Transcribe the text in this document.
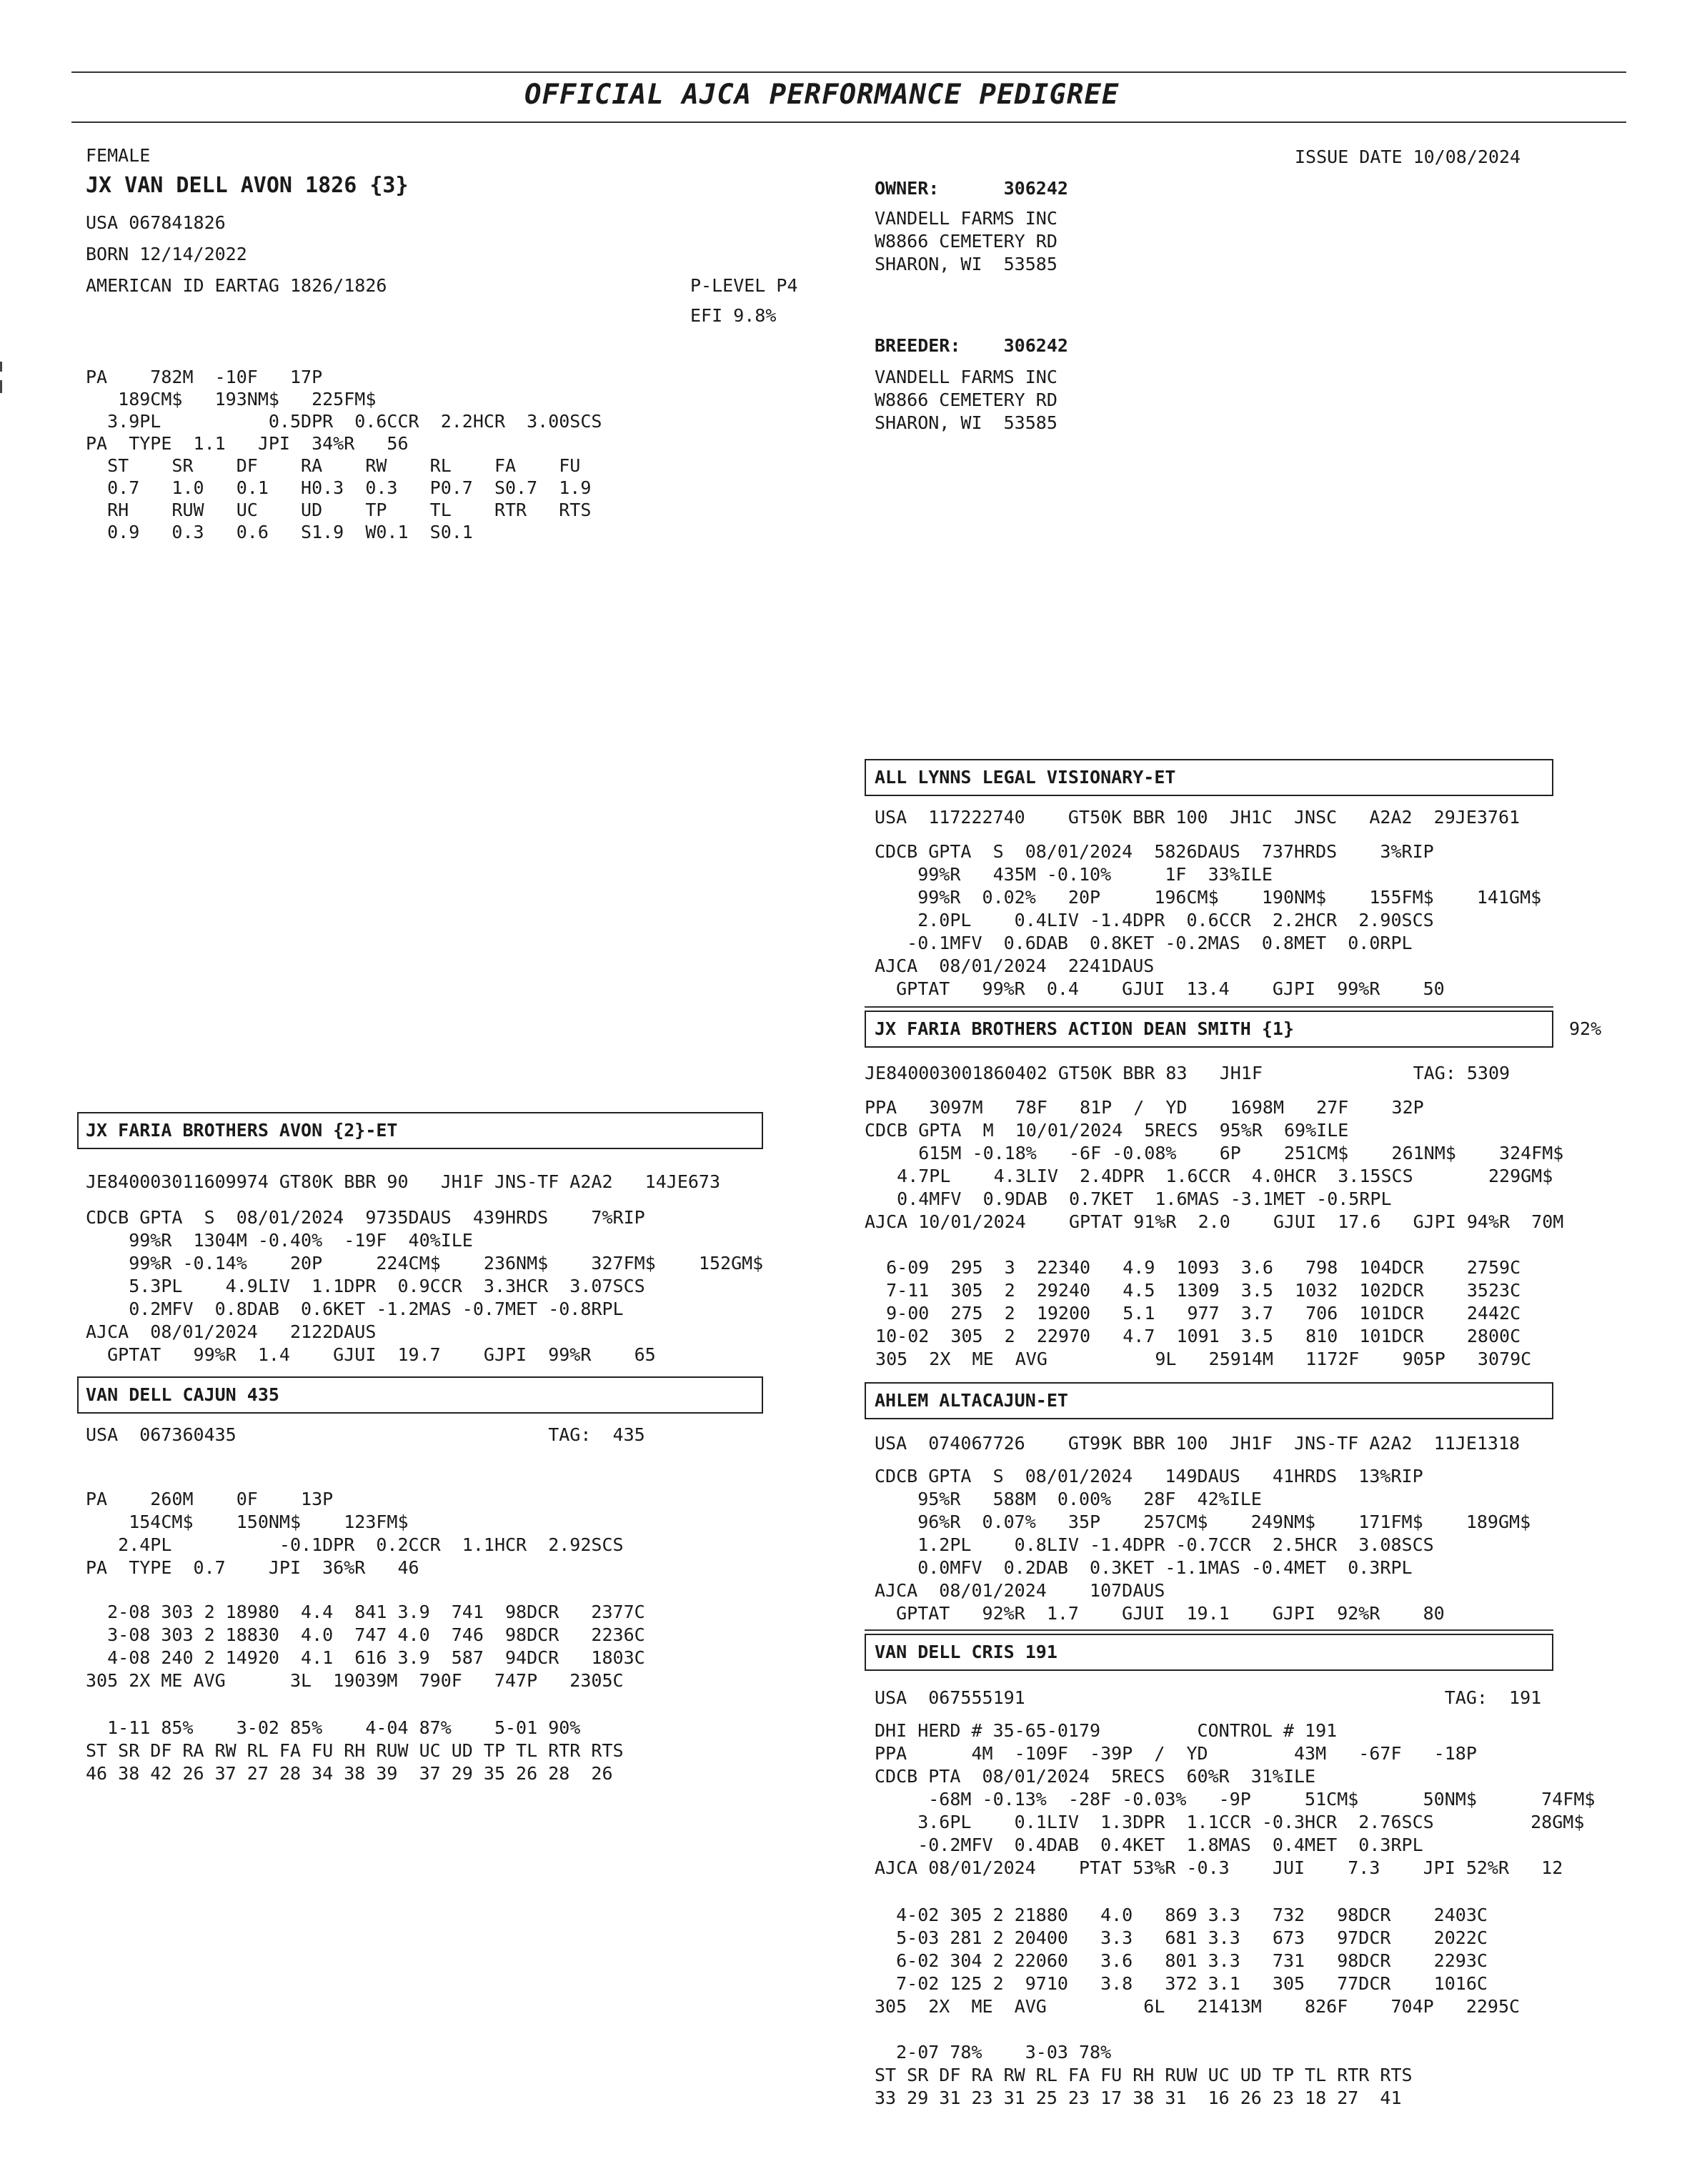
OFFICIAL AJCA PERFORMANCE PEDIGREE
FEMALE	ISSUE DATE 10/08/2024
JX VAN DELL AVON 1826 {3}
USA 067841826
BORN 12/14/2022
AMERICAN ID EARTAG 1826/1826	P-LEVEL P4
EFI 9.8%
OWNER:      306242
VANDELL FARMS INC
W8866 CEMETERY RD
SHARON, WI  53585
BREEDER:    306242
VANDELL FARMS INC
W8866 CEMETERY RD
SHARON, WI  53585
PA    782M  -10F   17P
189CM$   193NM$   225FM$
3.9PL          0.5DPR  0.6CCR  2.2HCR  3.00SCS
PA  TYPE  1.1   JPI  34%R   56
ST    SR    DF    RA    RW    RL    FA    FU
0.7   1.0   0.1   H0.3  0.3   P0.7  S0.7  1.9
RH    RUW   UC    UD    TP    TL    RTR   RTS
0.9   0.3   0.6   S1.9  W0.1  S0.1
ALL LYNNS LEGAL VISIONARY-ET
USA  117222740    GT50K BBR 100  JH1C  JNSC   A2A2  29JE3761
CDCB GPTA  S  08/01/2024  5826DAUS  737HRDS    3%RIP
99%R   435M -0.10%     1F  33%ILE
99%R  0.02%   20P     196CM$    190NM$    155FM$    141GM$
2.0PL    0.4LIV -1.4DPR  0.6CCR  2.2HCR  2.90SCS
-0.1MFV  0.6DAB  0.8KET -0.2MAS  0.8MET  0.0RPL
AJCA  08/01/2024  2241DAUS
GPTAT   99%R  0.4    GJUI  13.4    GJPI  99%R    50
JX FARIA BROTHERS ACTION DEAN SMITH {1}	92%
JE840003001860402 GT50K BBR 83   JH1F              TAG: 5309
PPA   3097M   78F   81P  /  YD    1698M   27F    32P
CDCB GPTA  M  10/01/2024  5RECS  95%R  69%ILE
615M -0.18%   -6F -0.08%    6P    251CM$    261NM$    324FM$
4.7PL    4.3LIV  2.4DPR  1.6CCR  4.0HCR  3.15SCS       229GM$
0.4MFV  0.9DAB  0.7KET  1.6MAS -3.1MET -0.5RPL
AJCA 10/01/2024    GPTAT 91%R  2.0    GJUI  17.6   GJPI 94%R  70M
6-09  295  3  22340   4.9  1093  3.6   798  104DCR    2759C
7-11  305  2  29240   4.5  1309  3.5  1032  102DCR    3523C
9-00  275  2  19200   5.1   977  3.7   706  101DCR    2442C
10-02  305  2  22970   4.7  1091  3.5   810  101DCR    2800C
305  2X  ME  AVG          9L   25914M   1172F    905P   3079C
JX FARIA BROTHERS AVON {2}-ET
JE840003011609974 GT80K BBR 90   JH1F JNS-TF A2A2   14JE673
CDCB GPTA  S  08/01/2024  9735DAUS  439HRDS    7%RIP
99%R  1304M -0.40%  -19F  40%ILE
99%R -0.14%    20P     224CM$    236NM$    327FM$    152GM$
5.3PL    4.9LIV  1.1DPR  0.9CCR  3.3HCR  3.07SCS
0.2MFV  0.8DAB  0.6KET -1.2MAS -0.7MET -0.8RPL
AJCA  08/01/2024   2122DAUS
GPTAT   99%R  1.4    GJUI  19.7    GJPI  99%R    65
VAN DELL CAJUN 435
USA  067360435                             TAG:  435
PA    260M    0F    13P
154CM$    150NM$    123FM$
2.4PL          -0.1DPR  0.2CCR  1.1HCR  2.92SCS
PA  TYPE  0.7    JPI  36%R   46
2-08 303 2 18980  4.4  841 3.9  741  98DCR   2377C
3-08 303 2 18830  4.0  747 4.0  746  98DCR   2236C
4-08 240 2 14920  4.1  616 3.9  587  94DCR   1803C
305 2X ME AVG      3L  19039M  790F   747P   2305C
1-11 85%    3-02 85%    4-04 87%    5-01 90%
ST SR DF RA RW RL FA FU RH RUW UC UD TP TL RTR RTS
46 38 42 26 37 27 28 34 38 39  37 29 35 26 28  26
AHLEM ALTACAJUN-ET
USA  074067726    GT99K BBR 100  JH1F  JNS-TF A2A2  11JE1318
CDCB GPTA  S  08/01/2024   149DAUS   41HRDS  13%RIP
95%R   588M  0.00%   28F  42%ILE
96%R  0.07%   35P    257CM$    249NM$    171FM$    189GM$
1.2PL    0.8LIV -1.4DPR -0.7CCR  2.5HCR  3.08SCS
0.0MFV  0.2DAB  0.3KET -1.1MAS -0.4MET  0.3RPL
AJCA  08/01/2024    107DAUS
GPTAT   92%R  1.7    GJUI  19.1    GJPI  92%R    80
VAN DELL CRIS 191
USA  067555191                                       TAG:  191
DHI HERD # 35-65-0179         CONTROL # 191
PPA      4M  -109F  -39P  /  YD        43M   -67F   -18P
CDCB PTA  08/01/2024  5RECS  60%R  31%ILE
-68M -0.13%  -28F -0.03%   -9P     51CM$      50NM$      74FM$
3.6PL    0.1LIV  1.3DPR  1.1CCR -0.3HCR  2.76SCS         28GM$
-0.2MFV  0.4DAB  0.4KET  1.8MAS  0.4MET  0.3RPL
AJCA 08/01/2024    PTAT 53%R -0.3    JUI    7.3    JPI 52%R   12
4-02 305 2 21880   4.0   869 3.3   732   98DCR    2403C
5-03 281 2 20400   3.3   681 3.3   673   97DCR    2022C
6-02 304 2 22060   3.6   801 3.3   731   98DCR    2293C
7-02 125 2  9710   3.8   372 3.1   305   77DCR    1016C
305  2X  ME  AVG         6L   21413M    826F    704P   2295C
2-07 78%    3-03 78%
ST SR DF RA RW RL FA FU RH RUW UC UD TP TL RTR RTS
33 29 31 23 31 25 23 17 38 31  16 26 23 18 27  41
